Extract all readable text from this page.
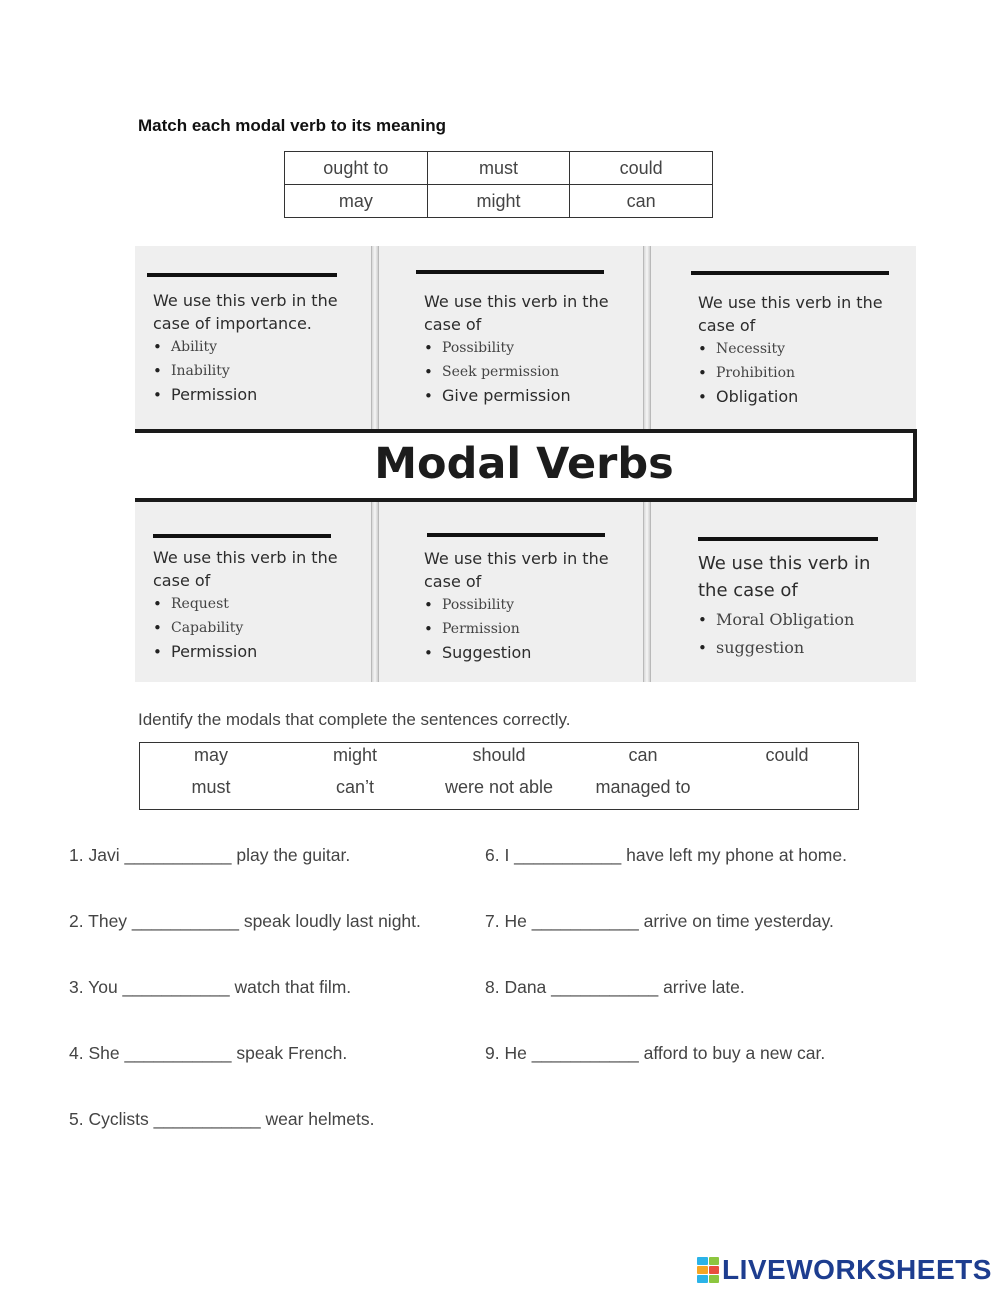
Match each modal verb to its meaning
ought to	must	could
may	might	can
We use this verb in the
case of importance.
• Ability
• Inability
• Permission
We use this verb in the
case of
• Possibility
• Seek permission
• Give permission
We use this verb in the
case of
• Necessity
• Prohibition
• Obligation
Modal Verbs
We use this verb in the
case of
• Request
• Capability
• Permission
We use this verb in the
case of
• Possibility
• Permission
• Suggestion
We use this verb in
the case of
• Moral Obligation
• suggestion
Identify the modals that complete the sentences correctly.
may	might	should	can	could
must	can’t	were not able	managed to
1. Javi ___________ play the guitar.
2. They ___________ speak loudly last night.
3. You ___________ watch that film.
4. She ___________ speak French.
5. Cyclists ___________ wear helmets.
6. I ___________ have left my phone at home.
7. He ___________ arrive on time yesterday.
8. Dana ___________ arrive late.
9. He ___________ afford to buy a new car.
LIVEWORKSHEETS
